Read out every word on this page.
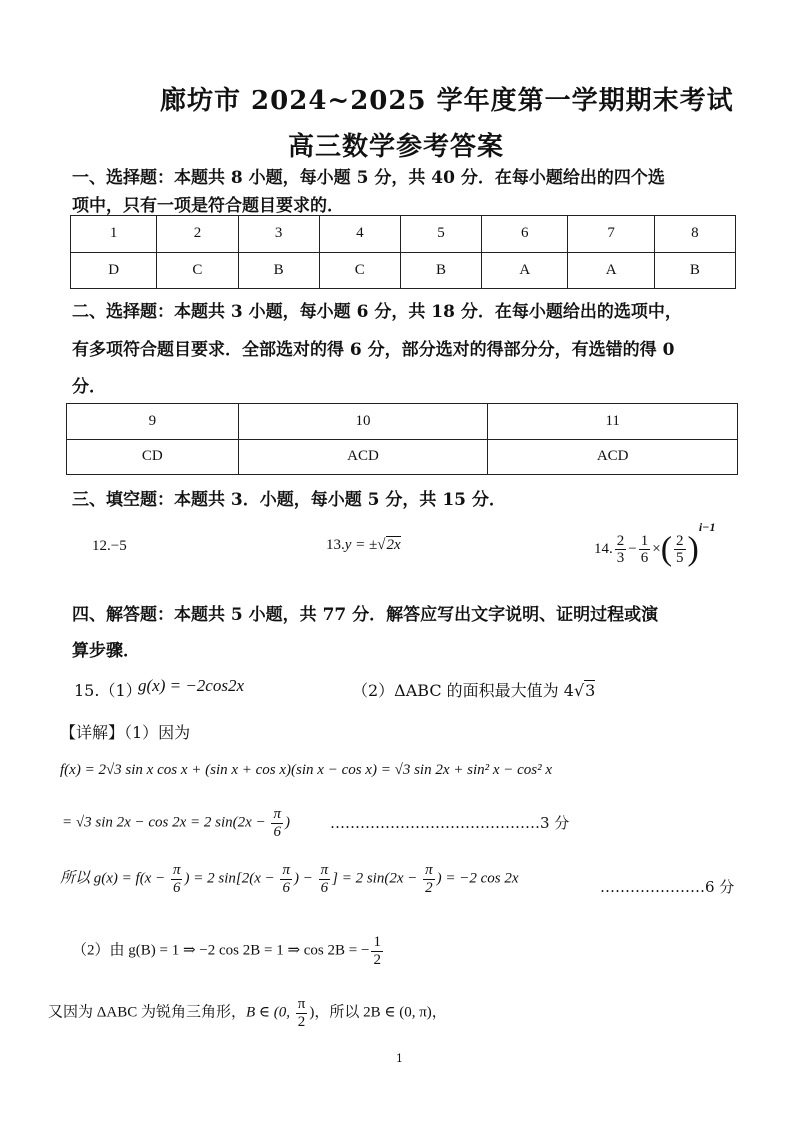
廊坊市 2024~2025 学年度第一学期期末考试
高三数学参考答案
一、选择题：本题共 8 小题，每小题 5 分，共 40 分．在每小题给出的四个选
项中，只有一项是符合题目要求的．
1	2	3	4	5	6	7	8
D	C	B	C	B	A	A	B
二、选择题：本题共 3 小题，每小题 6 分，共 18 分．在每小题给出的选项中，
有多项符合题目要求．全部选对的得 6 分，部分选对的得部分分，有选错的得 0
分．
9	10	11
CD	ACD	ACD
三、填空题：本题共 3．小题，每小题 5 分，共 15 分．
12.−5	13.y = ±√2x	14. $\frac{2}{3} - \frac{1}{6}$ ×( $\frac{2}{5} )^{i-1}$
四、解答题：本题共 5 小题，共 77 分．解答应写出文字说明、证明过程或演
算步骤．
15.（1）
g(x) = −2cos2x	（2）ΔABC 的面积最大值为 4√3
【详解】（1）因为
f(x) = 2√3 sin x cos x + (sin x + cos x)(sin x − cos x) = √3 sin 2x + sin² x − cos² x
= √3 sin 2x − cos 2x = 2 $\sin(2x - \frac{\pi}{6}$ )	……………………………………3 分
所以 $g(x) = f(x - \frac{\pi}{6}$ ) = 2 $\sin[2(x - \frac{\pi}{6}$ ) − $\frac{\pi}{6}$ ] = 2 $\sin(2x - \frac{\pi}{2}$ ) = −2 cos 2x	…………………6 分
（2）由 g(B) = 1 ⇒ −2 cos 2B = 1 ⇒ cos 2B = − $\frac{1}{2}$
又因为 ΔABC 为锐角三角形，B ∈ (0, $\frac{\pi}{2}$ )，所以 2B ∈ (0, π)，
1
